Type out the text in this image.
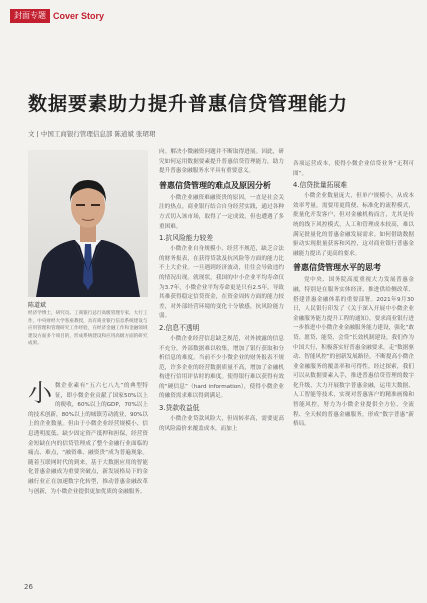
封面专题 Cover Story
数据要素助力提升普惠信贷管理能力
文 | 中国工商银行管理信息部 陈道斌 张珺珺
陈道斌
经济学博士，研究员。工商银行总行高级管理专家，大行工作，中央财经大学客座教授，具有商业银行信息系统建设与应用管理和管理研究工作经验，在经济金融工作和金融领域建设方面多个项目的，形成系统建设和应用高级方面的研究成果。
小 微企业素有“五六七八九”的典型特征，即小微企业贡献了国家50%以上的税收，60%以上的GDP，70%以上的技术创新，80%以上的城镇劳动就业，90%以上的企业数量。但由于小微企业经营规模小、信息透明度低、缺少固定资产抵押和担保，经营资金短缺在内的信贷管理成了整个金融行业面临的痛点、难点，“融资难、融资贵”成为普遍现象。随着互联网时代的到来，基于大数据应用的智能化普惠金融成为重要突破点，新发展格局下的金融行业正在加速数字化转型，推动普惠金融改革与创新，为小微企业提供更加优质的金融服务。

向。解决小微融资问题并不断取得进展。因此，研究如何运用数据要素提升普惠信贷管理能力，助力提升普惠金融服务水平具有重要意义。

普惠信贷管理的难点及原因分析

小微企业融资难融资贵的原因，一直是社会关注的热点。商业银行结合自身经营实践，通过各种方式切入该市场，取得了一定成效，但也遭遇了多重困难。

1.抗风险能力较差

小微企业自身规模小、经营不规范，缺乏合法的财务报表，在获得贷款及抗风险等方面的能力比不上大企业。一旦遇到经济波动，往往会导致违约的情况出现。就现状，我国的中小企业平均寿命仅为3.7年，小微企业平均寿命更是只有2.5年，导致其难获得稳定信贷资金，在资金周转方面的能力较差，对外部经营环境的变化十分敏感，抗风险能力弱。

2.信息不透明

小微企业经营信息缺乏规范，对外披露的信息不充分，外部数据难以收集，增加了银行获取和分析信息的难度。当前不少小微企业的财务报表不规范，许多企业的经营数据质量不高，增加了金融机构进行信用评估时的难度。使得银行难以获得有效的“硬信息”（hard information），使得小微企业的融资需求难以得到满足。

3.贷款收益低

小微企业贷款风险大，但周转率高，需要更高的风险溢价来覆盖成本，而加上

各项运营成本，使得小微企业信贷业务“无利可图”。

4.信贷批量拓展难

小微企业数量庞大，但单户规模小，从成本效率考量，需要用更简便、标准化的流程模式，批量化开发客户，但对金融机构而言，尤其是传统的线下风控模式，人工和管理成本较高，难以满足批量化的普惠金融发展需求。如何借助数据驱动实现批量获客和风控，这对商业银行普惠金融能力提出了更高的要求。

普惠信贷管理水平的思考

党中央、国务院高度重视大力发展普惠金融，特别是在服务实体经济、推进供给侧改革、搭建普惠金融体系的重要部署。2021年9月30日，人民银行印发了《关于深入开展中小微企业金融服务能力提升工程的通知》，要求商业银行进一步推进中小微企业金融服务能力建设，强化“敢贷、愿贷、能贷、会贷”长效机制建设。我们作为中国大行，积极落实好普惠金融要求，走“数据驱动、智能风控”的创新发展路径，不断提高小微企业金融服务的覆盖率和可得性。经过探索，我们可以从数据要素入手，推进普惠信贷管理的数字化升级，大力开展数字普惠金融，运用大数据、人工智能等技术，实现对普惠客户的精准画像和智能风控，努力为小微企业提供全方位、全流程、全天候的普惠金融服务，形成“数字普惠”新格局。

26
